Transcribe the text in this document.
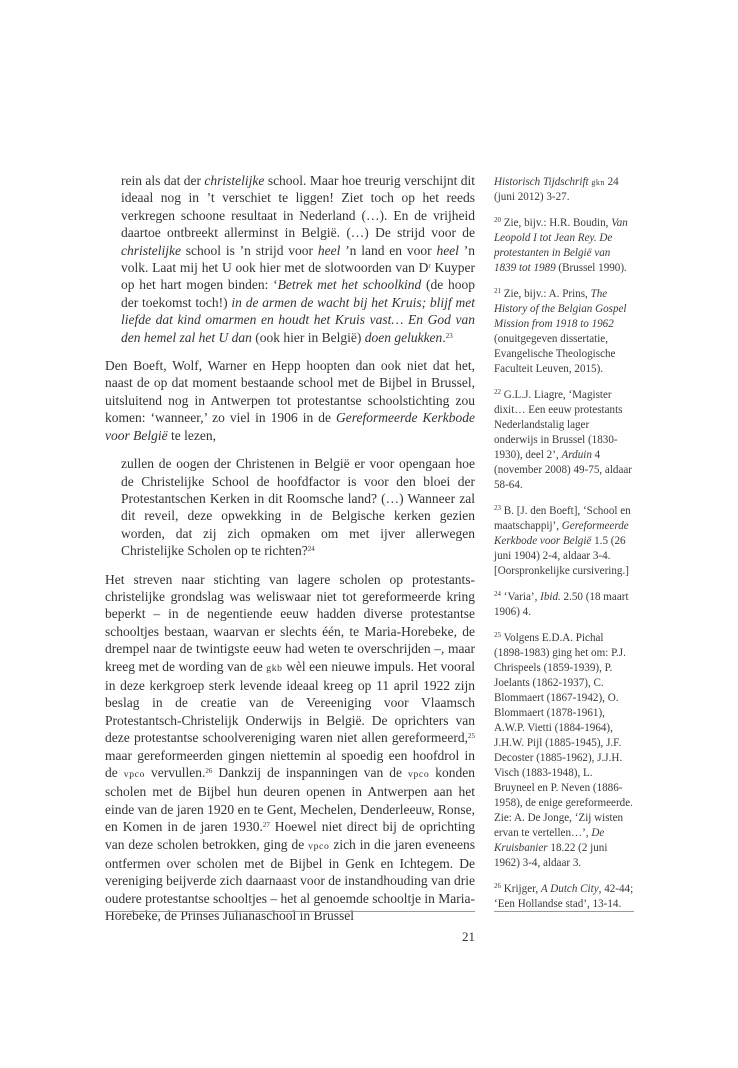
rein als dat der christelijke school. Maar hoe treurig verschijnt dit ideaal nog in ’t verschiet te liggen! Ziet toch op het reeds verkregen schoone resultaat in Nederland (…). En de vrijheid daartoe ontbreekt allerminst in België. (…) De strijd voor de christelijke school is ’n strijd voor heel ’n land en voor heel ’n volk. Laat mij het U ook hier met de slotwoorden van $D^r$ Kuyper op het hart mogen binden: ‘Betrek met het schoolkind (de hoop der toekomst toch!) in de armen de wacht bij het Kruis; blijf met liefde dat kind omarmen en houdt het Kruis vast… En God van den hemel zal het U dan (ook hier in België) doen gelukken.$^{23}$

Den Boeft, Wolf, Warner en Hepp hoopten dan ook niet dat het, naast de op dat moment bestaande school met de Bijbel in Brussel, uitsluitend nog in Antwerpen tot protestantse schoolstichting zou komen: ‘wanneer,’ zo viel in 1906 in de Gereformeerde Kerkbode voor België te lezen,

zullen de oogen der Christenen in België er voor opengaan hoe de Christelijke School de hoofdfactor is voor den bloei der Protestantschen Kerken in dit Roomsche land? (…) Wanneer zal dit reveil, deze opwekking in de Belgische kerken gezien worden, dat zij zich opmaken om met ijver allerwegen Christelijke Scholen op te richten?$^{24}$

Het streven naar stichting van lagere scholen op protestants-christelijke grondslag was weliswaar niet tot gereformeerde kring beperkt – in de negentiende eeuw hadden diverse protestantse schooltjes bestaan, waarvan er slechts één, te Maria-Horebeke, de drempel naar de twintigste eeuw had weten te overschrijden –, maar kreeg met de wording van de gkb wèl een nieuwe impuls. Het vooral in deze kerkgroep sterk levende ideaal kreeg op 11 april 1922 zijn beslag in de creatie van de Vereeniging voor Vlaamsch Protestantsch-Christelijk Onderwijs in België. De oprichters van deze protestantse schoolvereniging waren niet allen gereformeerd,$^{25}$ maar gereformeerden gingen niettemin al spoedig een hoofdrol in de vpco vervullen.$^{26}$ Dankzij de inspanningen van de vpco konden scholen met de Bijbel hun deuren openen in Antwerpen aan het einde van de jaren 1920 en te Gent, Mechelen, Denderleeuw, Ronse, en Komen in de jaren 1930.27 Hoewel niet direct bij de oprichting van deze scholen betrokken, ging de vpco zich in die jaren eveneens ontfermen over scholen met de Bijbel in Genk en Ichtegem. De vereniging beijverde zich daarnaast voor de instandhouding van drie oudere protestantse schooltjes – het al genoemde schooltje in Maria-Horebeke, de Prinses Julianaschool in Brussel

Historisch Tijdschrift gkn 24 (juni 2012) 3-27.

$^{20}$ Zie, bijv.: H.R. Boudin, Van Leopold I tot Jean Rey. De protestanten in België van 1839 tot 1989 (Brussel 1990).

$^{21}$ Zie, bijv.: A. Prins, The History of the Belgian Gospel Mission from 1918 to 1962 (onuitgegeven dissertatie, Evangelische Theologische Faculteit Leuven, 2015).

$^{22}$ G.L.J. Liagre, ‘Magister dixit… Een eeuw protestants Nederlandstalig lager onderwijs in Brussel (1830-1930), deel 2’, Arduin 4 (november 2008) 49-75, aldaar 58-64.

$^{23}$ B. [J. den Boeft], ‘School en maatschappij’, Gereformeerde Kerkbode voor België 1.5 (26 juni 1904) 2-4, aldaar 3-4. [Oorspronkelijke cursivering.]

$^{24}$ ‘Varia’, Ibid. 2.50 (18 maart 1906) 4.

$^{25}$ Volgens E.D.A. Pichal (1898-1983) ging het om: P.J. Chrispeels (1859-1939), P. Joelants (1862-1937), C. Blommaert (1867-1942), O. Blommaert (1878-1961), A.W.P. Vietti (1884-1964), J.H.W. Pijl (1885-1945), J.F. Decoster (1885-1962), J.J.H. Visch (1883-1948), L. Bruyneel en P. Neven (1886-1958), de enige gereformeerde. Zie: A. De Jonge, ‘Zij wisten ervan te vertellen…’, De Kruisbanier 18.22 (2 juni 1962) 3-4, aldaar 3.

$^{26}$ Krijger, A Dutch City, 42-44; ‘Een Hollandse stad’, 13-14.

21
